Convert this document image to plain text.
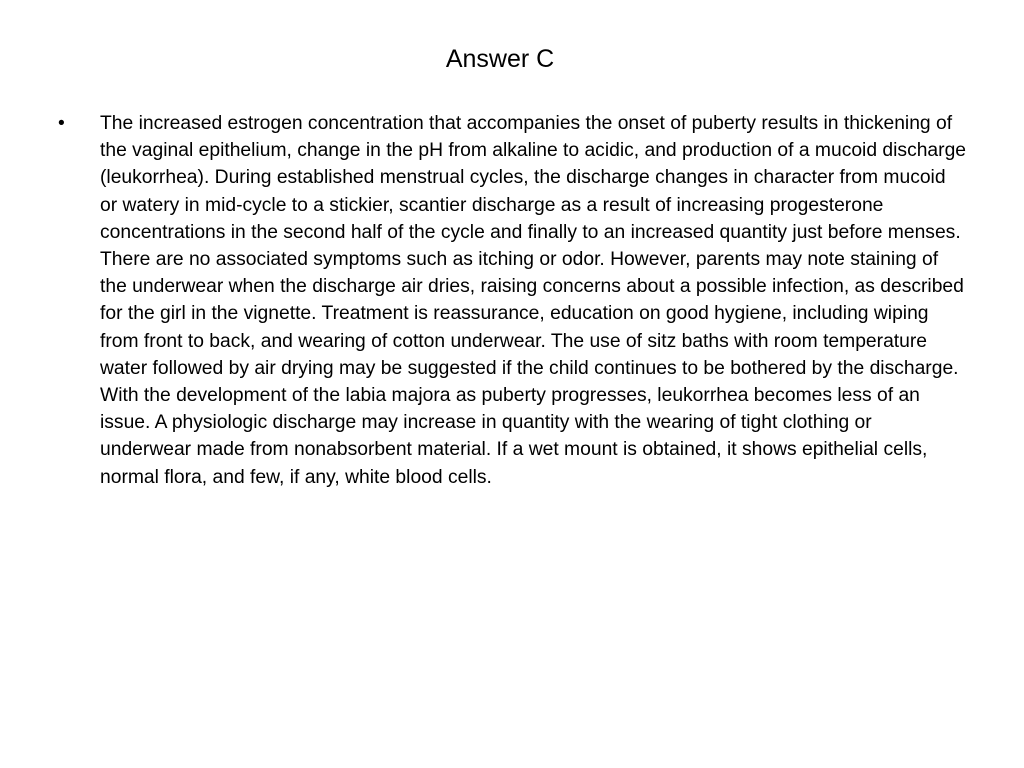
Answer C
•	The increased estrogen concentration that accompanies the onset of puberty results in thickening of the vaginal epithelium, change in the pH from alkaline to acidic, and production of a mucoid discharge (leukorrhea). During established menstrual cycles, the discharge changes in character from mucoid or watery in mid-cycle to a stickier, scantier discharge as a result of increasing progesterone concentrations in the second half of the cycle and finally to an increased quantity just before menses. There are no associated symptoms such as itching or odor. However, parents may note staining of the underwear when the discharge air dries, raising concerns about a possible infection, as described for the girl in the vignette. Treatment is reassurance, education on good hygiene, including wiping from front to back, and wearing of cotton underwear. The use of sitz baths with room temperature water followed by air drying may be suggested if the child continues to be bothered by the discharge. With the development of the labia majora as puberty progresses, leukorrhea becomes less of an issue. A physiologic discharge may increase in quantity with the wearing of tight clothing or underwear made from nonabsorbent material. If a wet mount is obtained, it shows epithelial cells, normal flora, and few, if any, white blood cells.
